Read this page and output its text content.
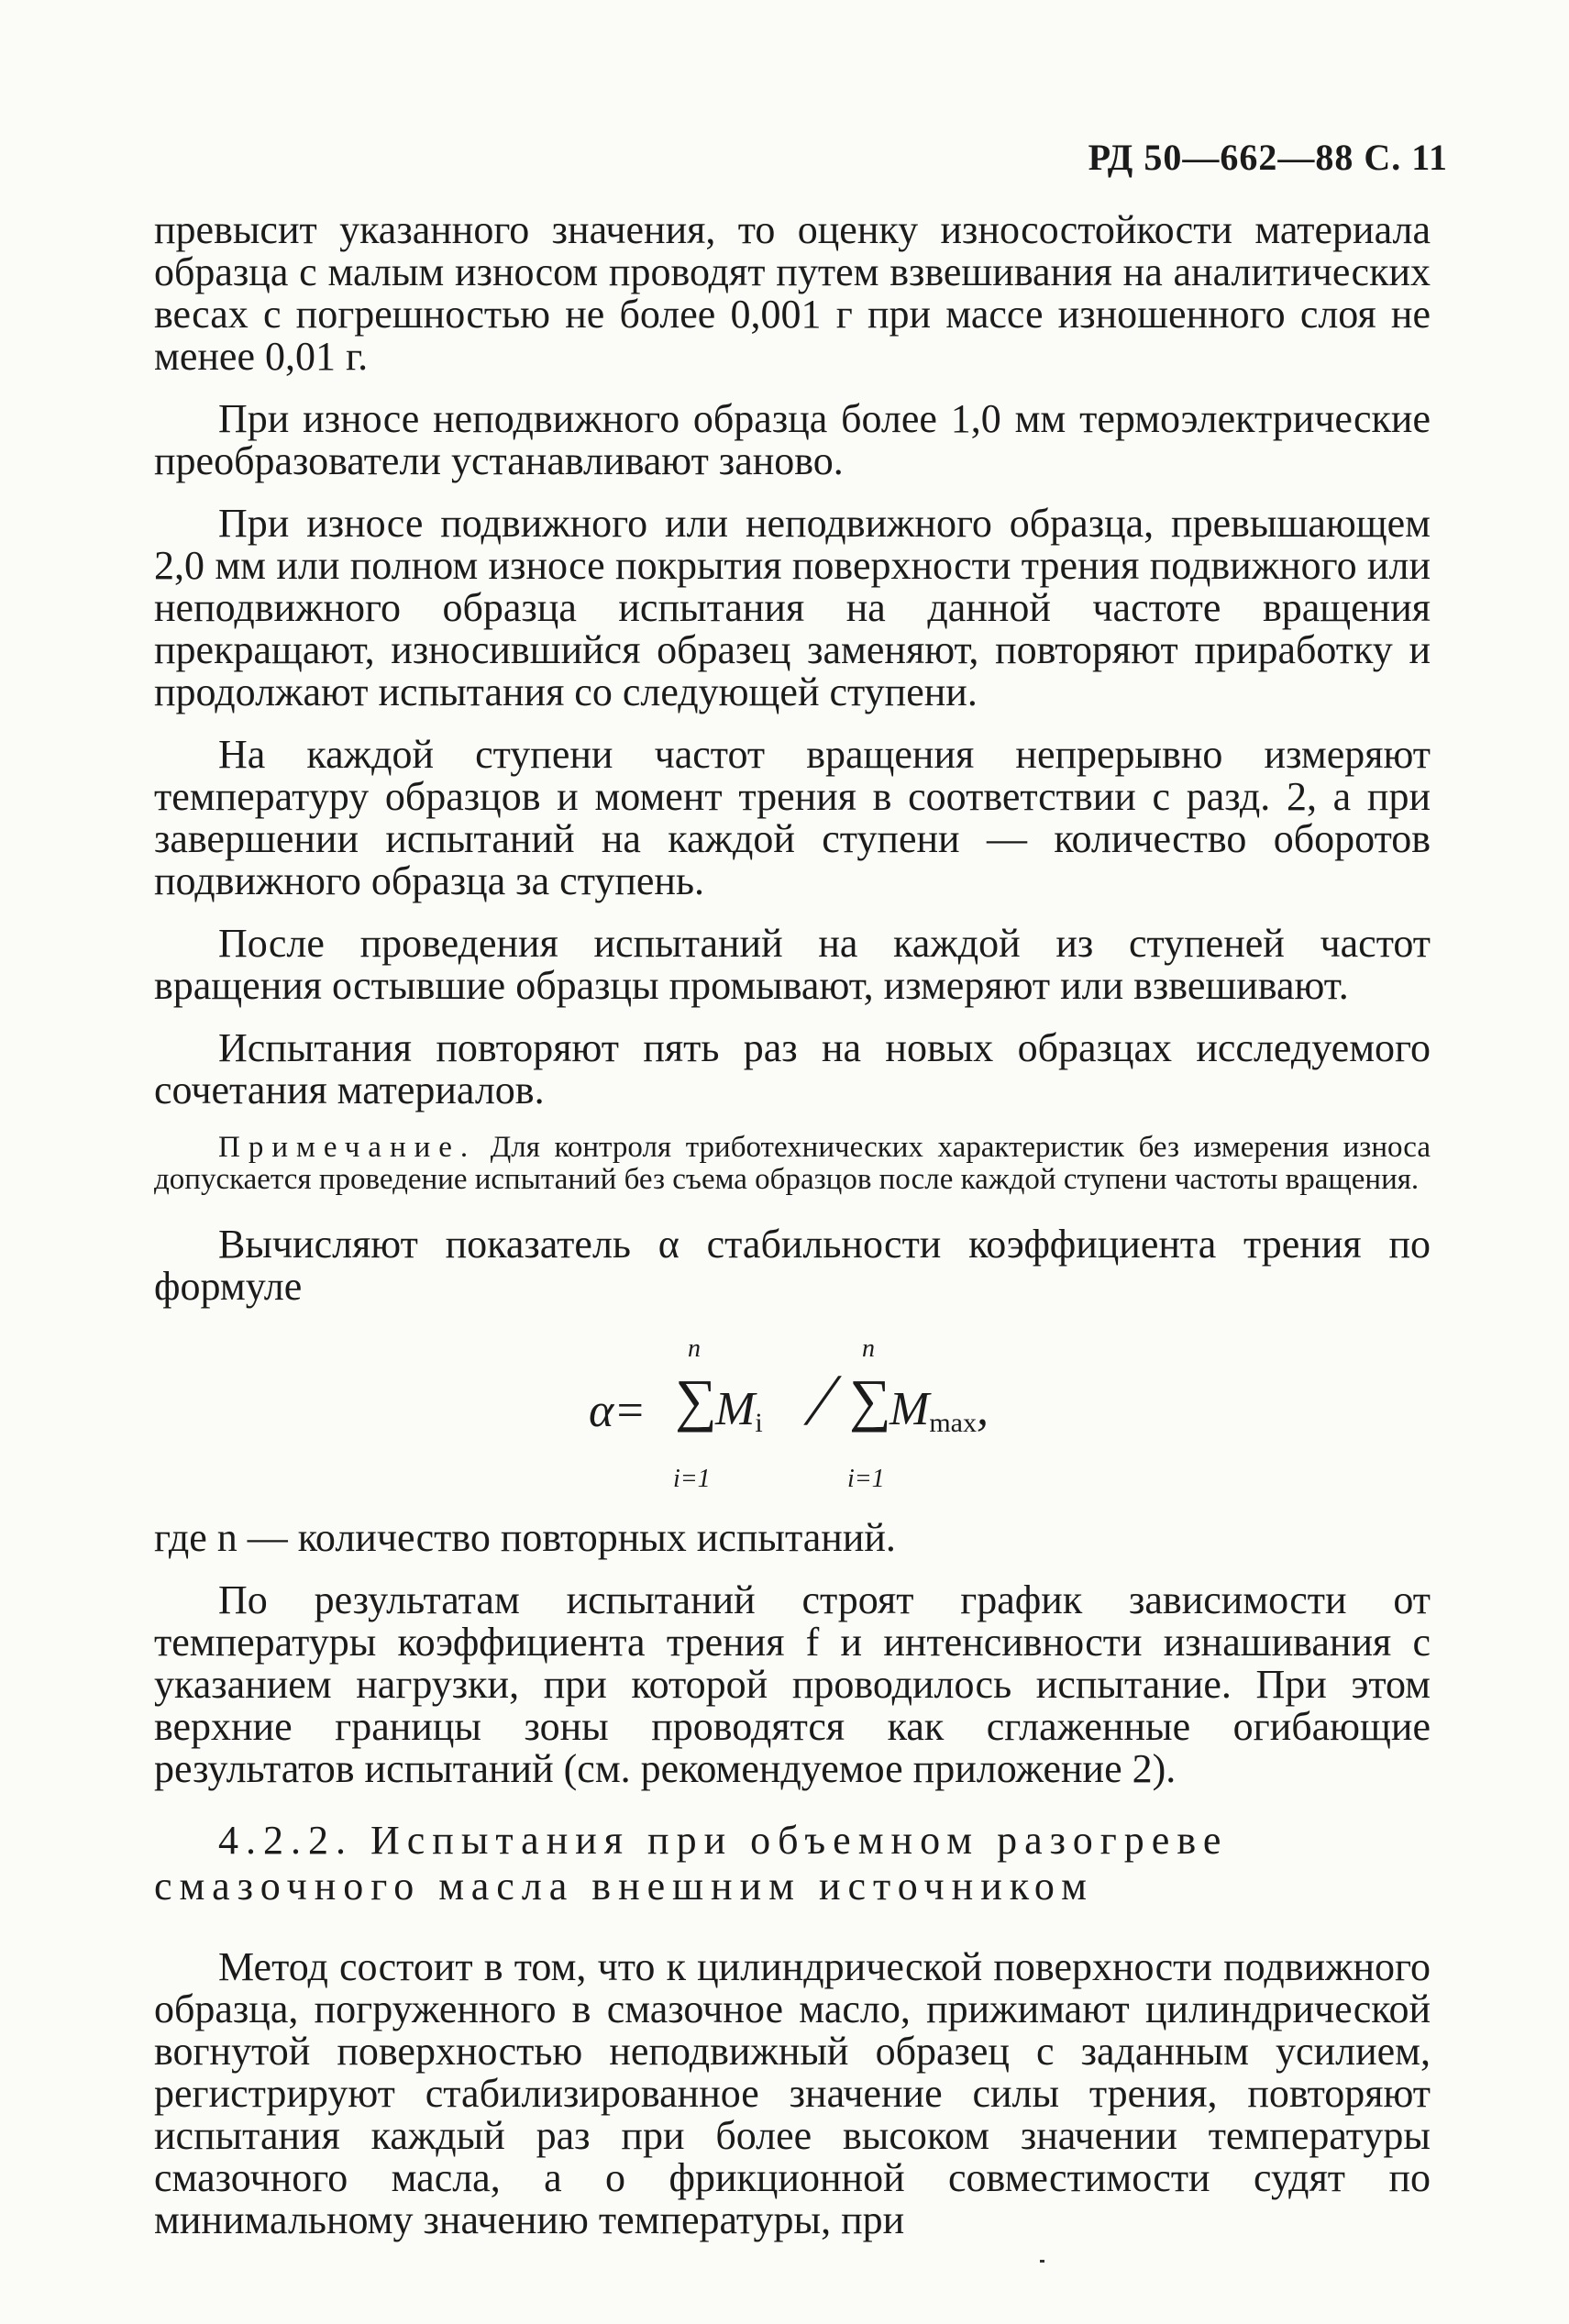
РД 50—662—88 С. 11

превысит указанного значения, то оценку износостойкости материала образца с малым износом проводят путем взвешивания на аналитических весах с погрешностью не более 0,001 г при массе изношенного слоя не менее 0,01 г.

При износе неподвижного образца более 1,0 мм термоэлектрические преобразователи устанавливают заново.

При износе подвижного или неподвижного образца, превышающем 2,0 мм или полном износе покрытия поверхности трения подвижного или неподвижного образца испытания на данной частоте вращения прекращают, износившийся образец заменяют, повторяют приработку и продолжают испытания со следующей ступени.

На каждой ступени частот вращения непрерывно измеряют температуру образцов и момент трения в соответствии с разд. 2, а при завершении испытаний на каждой ступени — количество оборотов подвижного образца за ступень.

После проведения испытаний на каждой из ступеней частот вращения остывшие образцы промывают, измеряют или взвешивают.

Испытания повторяют пять раз на новых образцах исследуемого сочетания материалов.

Примечание. Для контроля триботехнических характеристик без измерения износа допускается проведение испытаний без съема образцов после каждой ступени частоты вращения.

Вычисляют показатель α стабильности коэффициента трения по формуле

α=
n
∑
i=1
$M_i$ /
n
∑
i=1
$M_{max}$,

где n — количество повторных испытаний.

По результатам испытаний строят график зависимости от температуры коэффициента трения f и интенсивности изнашивания с указанием нагрузки, при которой проводилось испытание. При этом верхние границы зоны проводятся как сглаженные огибающие результатов испытаний (см. рекомендуемое приложение 2).

4.2.2. Испытания при объемном разогреве смазочного масла внешним источником

Метод состоит в том, что к цилиндрической поверхности подвижного образца, погруженного в смазочное масло, прижимают цилиндрической вогнутой поверхностью неподвижный образец с заданным усилием, регистрируют стабилизированное значение силы трения, повторяют испытания каждый раз при более высоком значении температуры смазочного масла, а о фрикционной совместимости судят по минимальному значению температуры, при
